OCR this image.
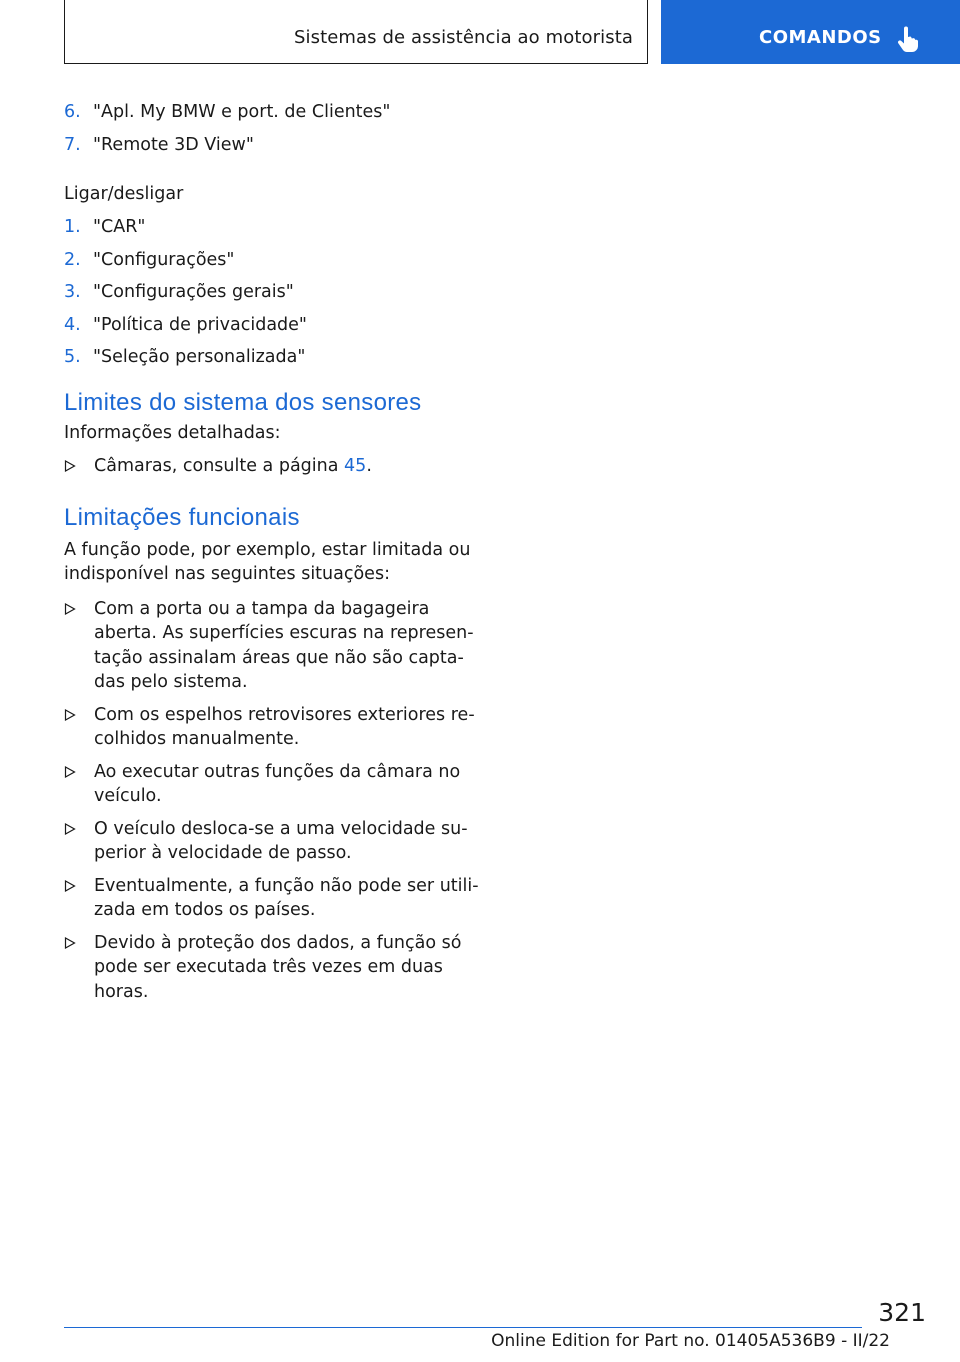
Sistemas de assistência ao motorista	COMANDOS
6. "Apl. My BMW e port. de Clientes"
7. "Remote 3D View"
Ligar/desligar
1. "CAR"
2. "Configurações"
3. "Configurações gerais"
4. "Política de privacidade"
5. "Seleção personalizada"
Limites do sistema dos sensores
Informações detalhadas:
Câmaras, consulte a página 45.
Limitações funcionais
A função pode, por exemplo, estar limitada ou indisponível nas seguintes situações:
Com a porta ou a tampa da bagageira aberta. As superfícies escuras na representação assinalam áreas que não são captadas pelo sistema.
Com os espelhos retrovisores exteriores recolhidos manualmente.
Ao executar outras funções da câmara no veículo.
O veículo desloca-se a uma velocidade superior à velocidade de passo.
Eventualmente, a função não pode ser utilizada em todos os países.
Devido à proteção dos dados, a função só pode ser executada três vezes em duas horas.
321
Online Edition for Part no. 01405A536B9 - II/22
